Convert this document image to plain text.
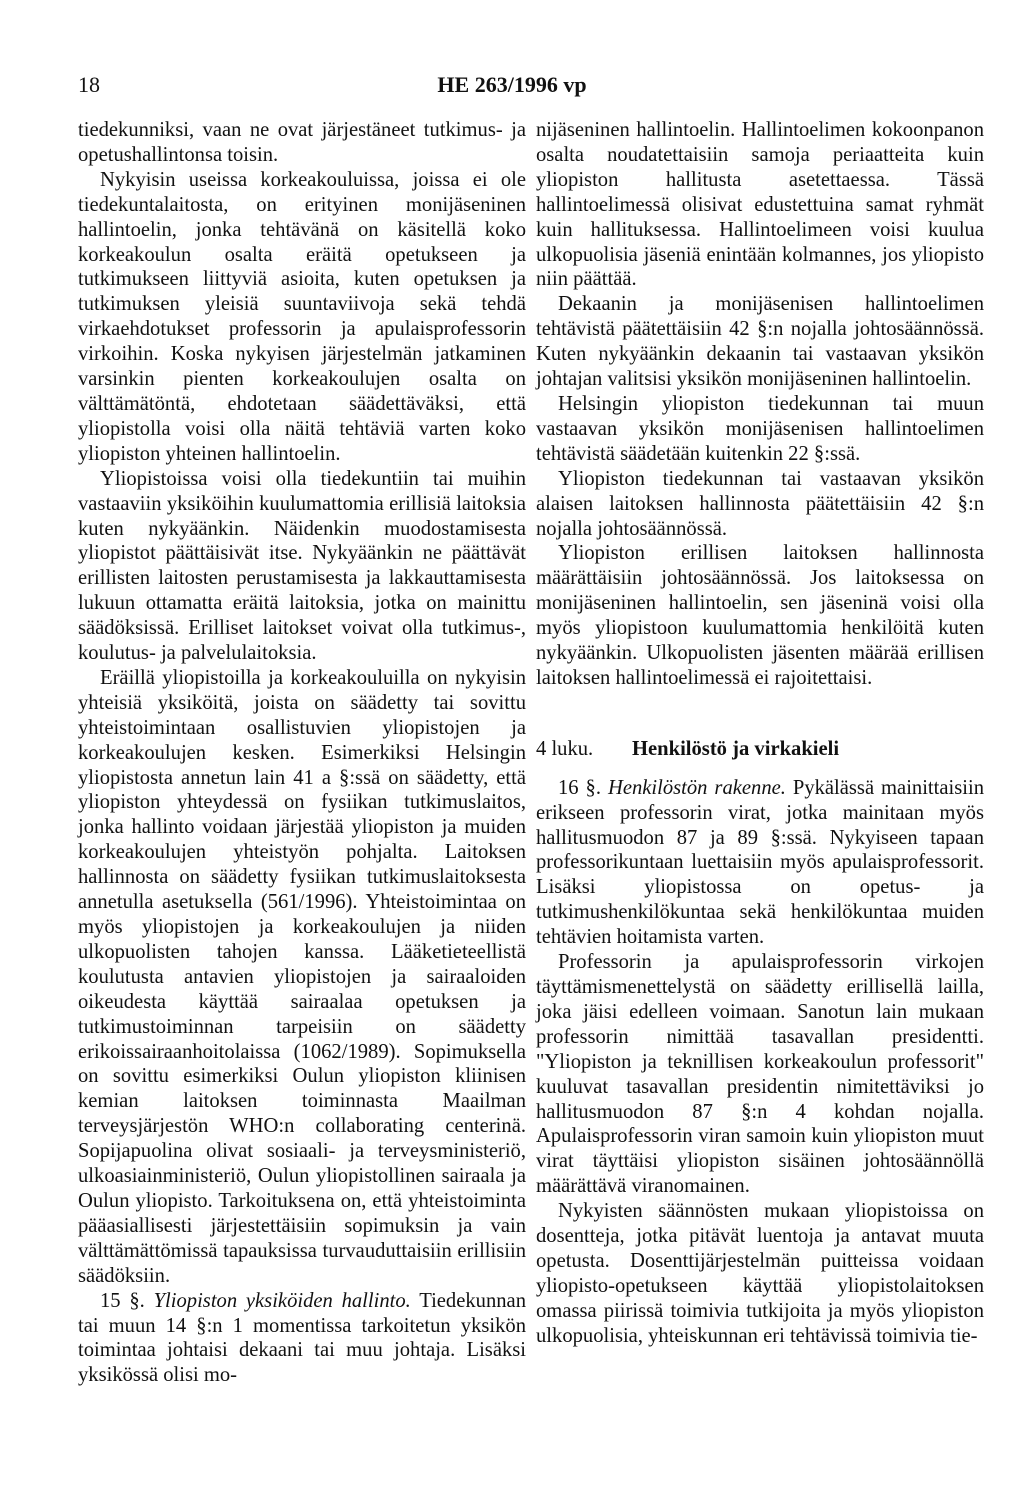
18	HE 263/1996 vp

tiedekunniksi, vaan ne ovat järjestäneet tutkimus- ja opetushallintonsa toisin.

Nykyisin useissa korkeakouluissa, joissa ei ole tiedekuntalaitosta, on erityinen monijäseninen hallintoelin, jonka tehtävänä on käsitellä koko korkeakoulun osalta eräitä opetukseen ja tutkimukseen liittyviä asioita, kuten opetuksen ja tutkimuksen yleisiä suuntaviivoja sekä tehdä virkaehdotukset professorin ja apulaisprofessorin virkoihin. Koska nykyisen järjestelmän jatkaminen varsinkin pienten korkeakoulujen osalta on välttämätöntä, ehdotetaan säädettäväksi, että yliopistolla voisi olla näitä tehtäviä varten koko yliopiston yhteinen hallintoelin.

Yliopistoissa voisi olla tiedekuntiin tai muihin vastaaviin yksiköihin kuulumattomia erillisiä laitoksia kuten nykyäänkin. Näidenkin muodostamisesta yliopistot päättäisivät itse. Nykyäänkin ne päättävät erillisten laitosten perustamisesta ja lakkauttamisesta lukuun ottamatta eräitä laitoksia, jotka on mainittu säädöksissä. Erilliset laitokset voivat olla tutkimus-, koulutus- ja palvelulaitoksia.

Eräillä yliopistoilla ja korkeakouluilla on nykyisin yhteisiä yksiköitä, joista on säädetty tai sovittu yhteistoimintaan osallistuvien yliopistojen ja korkeakoulujen kesken. Esimerkiksi Helsingin yliopistosta annetun lain 41 a §:ssä on säädetty, että yliopiston yhteydessä on fysiikan tutkimuslaitos, jonka hallinto voidaan järjestää yliopiston ja muiden korkeakoulujen yhteistyön pohjalta. Laitoksen hallinnosta on säädetty fysiikan tutkimuslaitoksesta annetulla asetuksella (561/1996). Yhteistoimintaa on myös yliopistojen ja korkeakoulujen ja niiden ulkopuolisten tahojen kanssa. Lääketieteellistä koulutusta antavien yliopistojen ja sairaaloiden oikeudesta käyttää sairaalaa opetuksen ja tutkimustoiminnan tarpeisiin on säädetty erikoissairaanhoitolaissa (1062/1989). Sopimuksella on sovittu esimerkiksi Oulun yliopiston kliinisen kemian laitoksen toiminnasta Maailman terveysjärjestön WHO:n collaborating centerinä. Sopijapuolina olivat sosiaali- ja terveysministeriö, ulkoasiainministeriö, Oulun yliopistollinen sairaala ja Oulun yliopisto. Tarkoituksena on, että yhteistoiminta pääasiallisesti järjestettäisiin sopimuksin ja vain välttämättömissä tapauksissa turvauduttaisiin erillisiin säädöksiin.

15 §. Yliopiston yksiköiden hallinto. Tiedekunnan tai muun 14 §:n 1 momentissa tarkoitetun yksikön toimintaa johtaisi dekaani tai muu johtaja. Lisäksi yksikössä olisi mo-

nijäseninen hallintoelin. Hallintoelimen kokoonpanon osalta noudatettaisiin samoja periaatteita kuin yliopiston hallitusta asetettaessa. Tässä hallintoelimessä olisivat edustettuina samat ryhmät kuin hallituksessa. Hallintoelimeen voisi kuulua ulkopuolisia jäseniä enintään kolmannes, jos yliopisto niin päättää.

Dekaanin ja monijäsenisen hallintoelimen tehtävistä päätettäisiin 42 §:n nojalla johtosäännössä. Kuten nykyäänkin dekaanin tai vastaavan yksikön johtajan valitsisi yksikön monijäseninen hallintoelin.

Helsingin yliopiston tiedekunnan tai muun vastaavan yksikön monijäsenisen hallintoelimen tehtävistä säädetään kuitenkin 22 §:ssä.

Yliopiston tiedekunnan tai vastaavan yksikön alaisen laitoksen hallinnosta päätettäisiin 42 §:n nojalla johtosäännössä.

Yliopiston erillisen laitoksen hallinnosta määrättäisiin johtosäännössä. Jos laitoksessa on monijäseninen hallintoelin, sen jäseninä voisi olla myös yliopistoon kuulumattomia henkilöitä kuten nykyäänkin. Ulkopuolisten jäsenten määrää erillisen laitoksen hallintoelimessä ei rajoitettaisi.

4 luku. Henkilöstö ja virkakieli

16 §. Henkilöstön rakenne. Pykälässä mainittaisiin erikseen professorin virat, jotka mainitaan myös hallitusmuodon 87 ja 89 §:ssä. Nykyiseen tapaan professorikuntaan luettaisiin myös apulaisprofessorit. Lisäksi yliopistossa on opetus- ja tutkimushenkilökuntaa sekä henkilökuntaa muiden tehtävien hoitamista varten.

Professorin ja apulaisprofessorin virkojen täyttämismenettelystä on säädetty erillisellä lailla, joka jäisi edelleen voimaan. Sanotun lain mukaan professorin nimittää tasavallan presidentti. "Yliopiston ja teknillisen korkeakoulun professorit" kuuluvat tasavallan presidentin nimitettäviksi jo hallitusmuodon 87 §:n 4 kohdan nojalla. Apulaisprofessorin viran samoin kuin yliopiston muut virat täyttäisi yliopiston sisäinen johtosäännöllä määrättävä viranomainen.

Nykyisten säännösten mukaan yliopistoissa on dosentteja, jotka pitävät luentoja ja antavat muuta opetusta. Dosenttijärjestelmän puitteissa voidaan yliopisto-opetukseen käyttää yliopistolaitoksen omassa piirissä toimivia tutkijoita ja myös yliopiston ulkopuolisia, yhteiskunnan eri tehtävissä toimivia tie-
